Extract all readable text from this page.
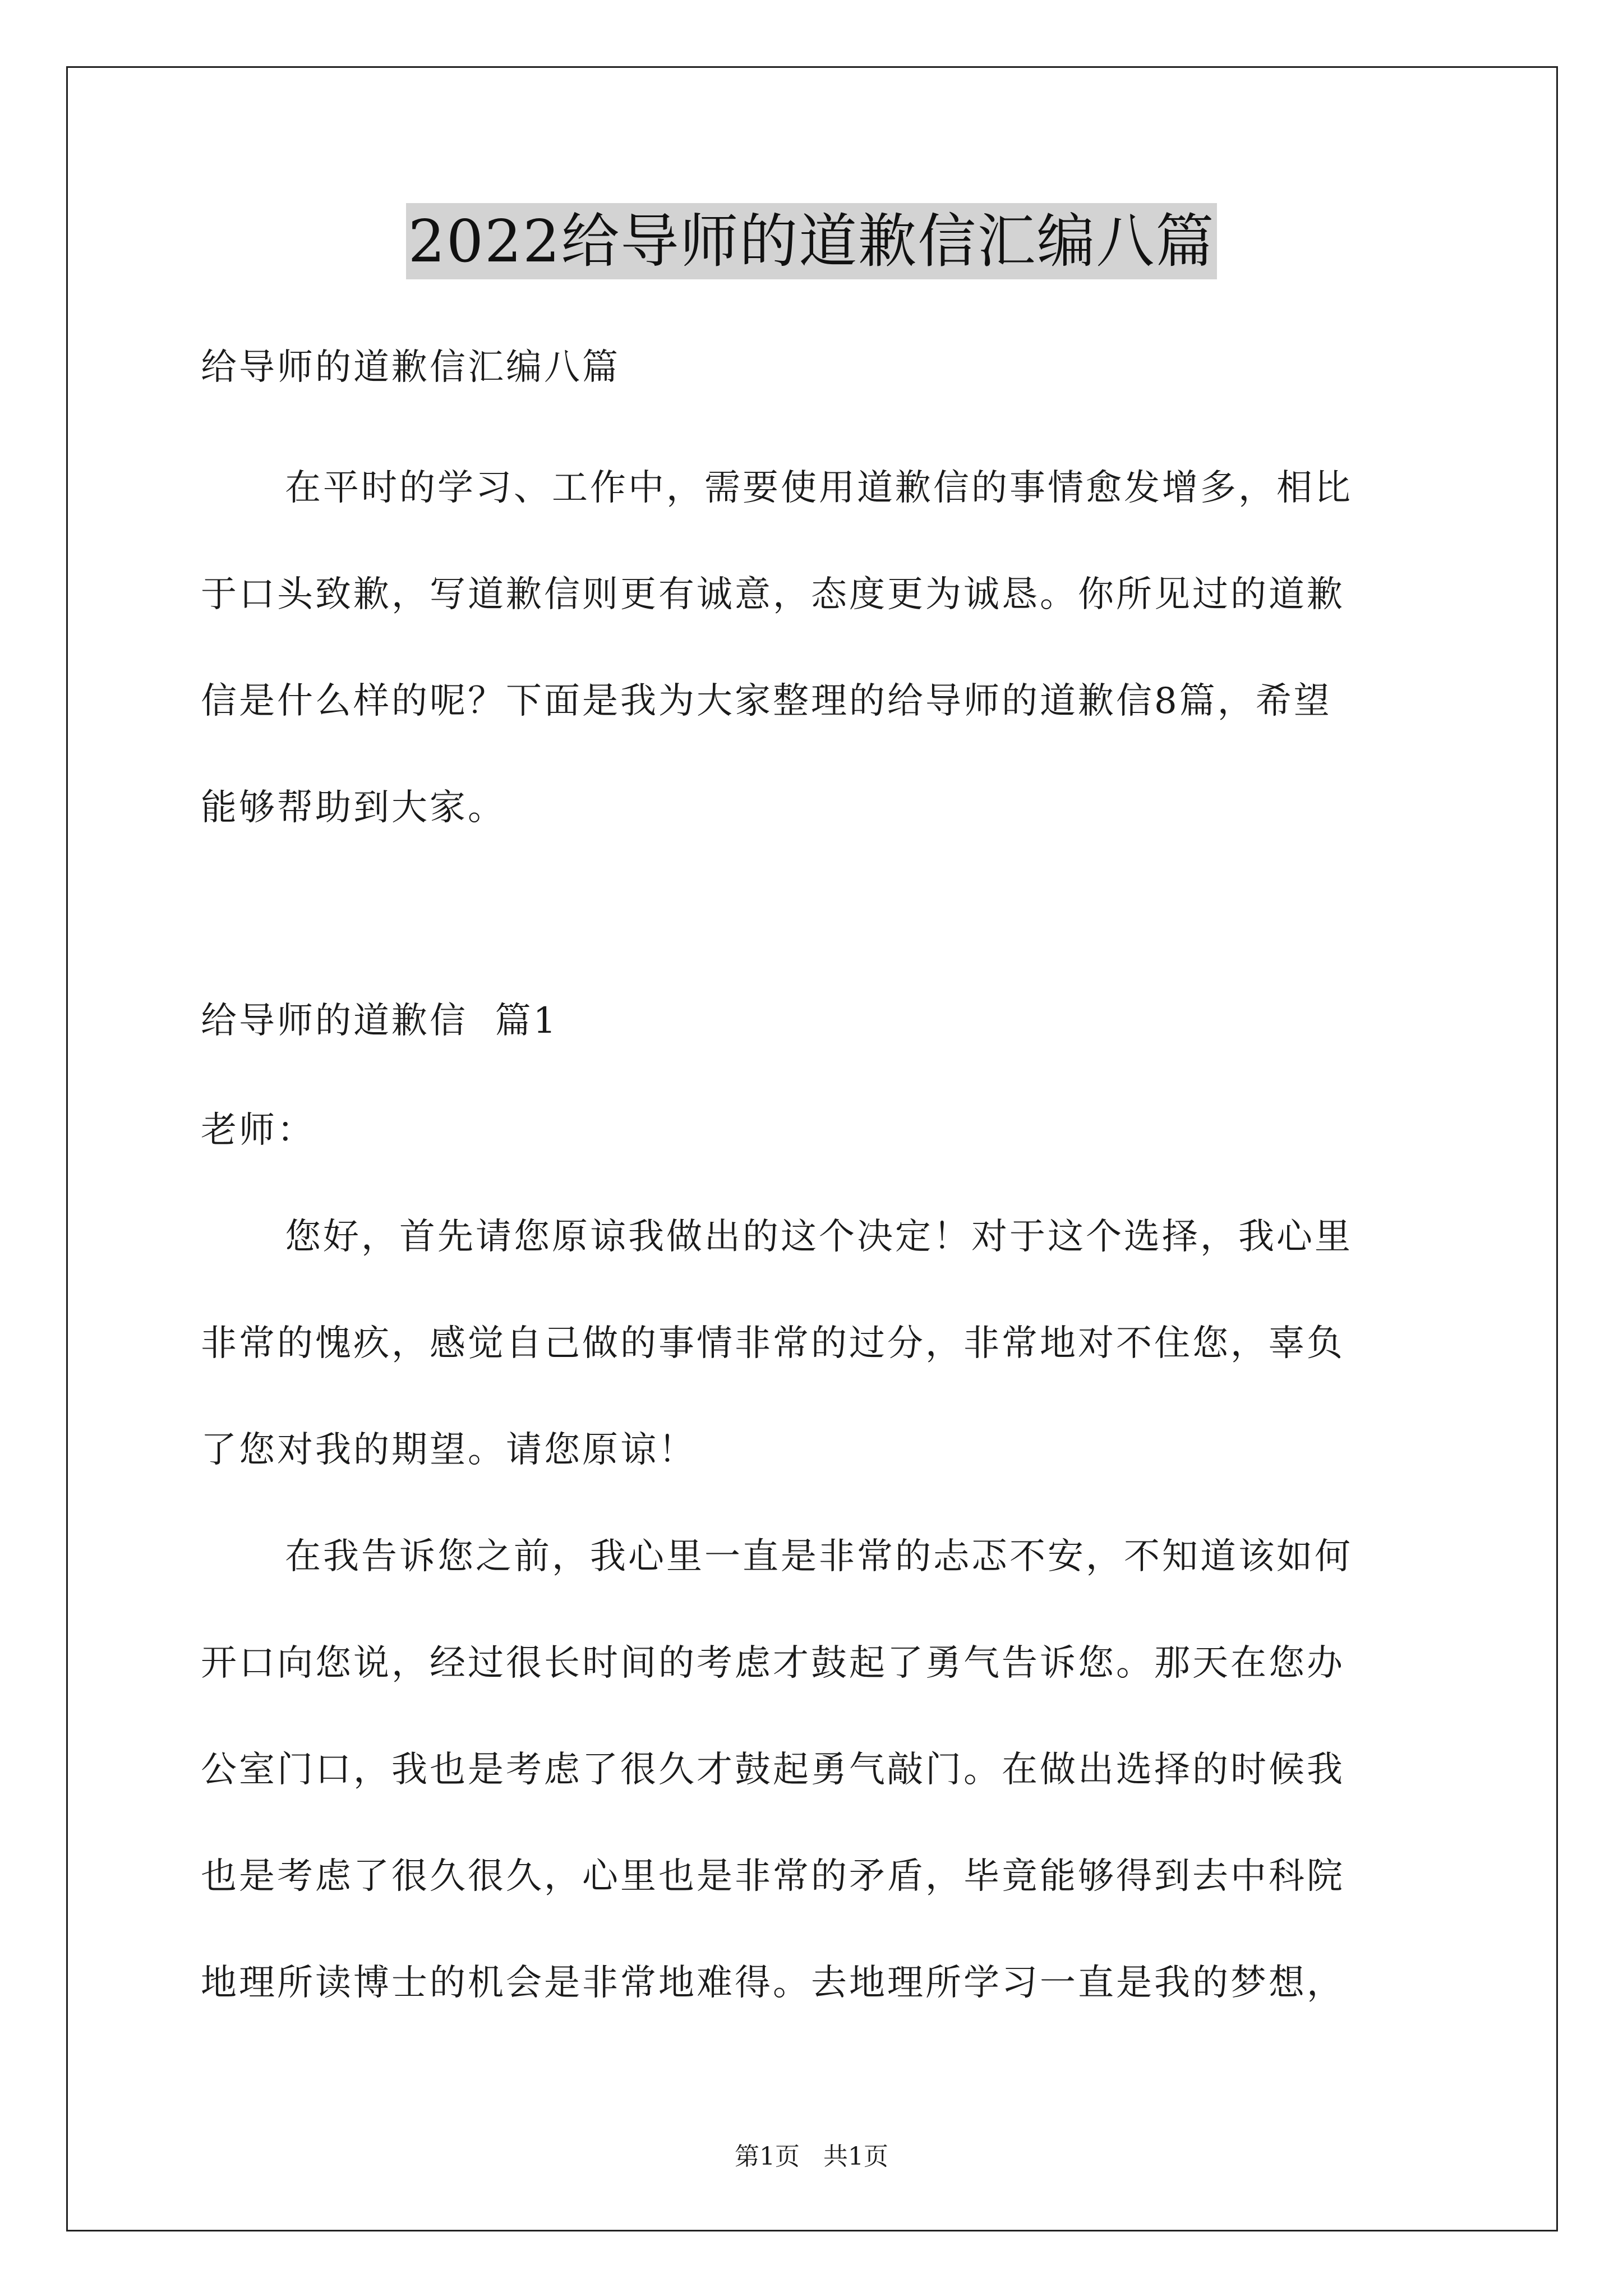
2022给导师的道歉信汇编八篇

给导师的道歉信汇编八篇

在平时的学习、工作中，需要使用道歉信的事情愈发增多，相比
于口头致歉，写道歉信则更有诚意，态度更为诚恳。你所见过的道歉
信是什么样的呢？下面是我为大家整理的给导师的道歉信8篇，希望
能够帮助到大家。

给导师的道歉信  篇1

老师：

您好，首先请您原谅我做出的这个决定！对于这个选择，我心里
非常的愧疚，感觉自己做的事情非常的过分，非常地对不住您，辜负
了您对我的期望。请您原谅！

在我告诉您之前，我心里一直是非常的忐忑不安，不知道该如何
开口向您说，经过很长时间的考虑才鼓起了勇气告诉您。那天在您办
公室门口，我也是考虑了很久才鼓起勇气敲门。在做出选择的时候我
也是考虑了很久很久，心里也是非常的矛盾，毕竟能够得到去中科院
地理所读博士的机会是非常地难得。去地理所学习一直是我的梦想，

第1页 共1页
